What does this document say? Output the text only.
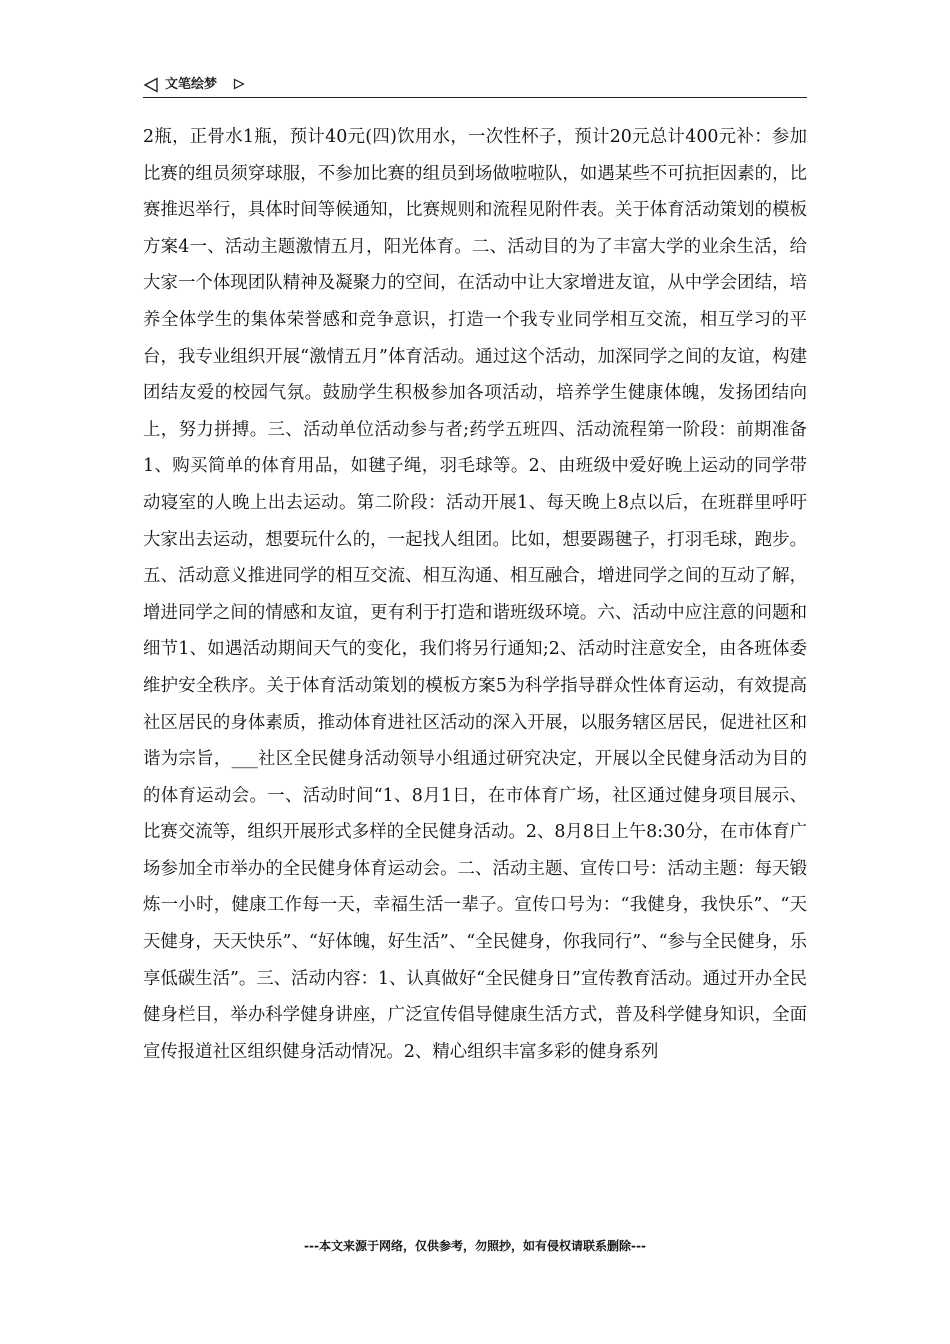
文笔绘梦
2瓶，正骨水1瓶，预计40元(四)饮用水，一次性杯子，预计20元总计400元补：参加比赛的组员须穿球服，不参加比赛的组员到场做啦啦队，如遇某些不可抗拒因素的，比赛推迟举行，具体时间等候通知，比赛规则和流程见附件表。关于体育活动策划的模板方案4一、活动主题激情五月，阳光体育。二、活动目的为了丰富大学的业余生活，给大家一个体现团队精神及凝聚力的空间，在活动中让大家增进友谊，从中学会团结，培养全体学生的集体荣誉感和竞争意识，打造一个我专业同学相互交流，相互学习的平台，我专业组织开展“激情五月”体育活动。通过这个活动，加深同学之间的友谊，构建团结友爱的校园气氛。鼓励学生积极参加各项活动，培养学生健康体魄，发扬团结向上，努力拼搏。三、活动单位活动参与者;药学五班四、活动流程第一阶段：前期准备1、购买简单的体育用品，如毽子绳，羽毛球等。2、由班级中爱好晚上运动的同学带动寝室的人晚上出去运动。第二阶段：活动开展1、每天晚上8点以后，在班群里呼吁大家出去运动，想要玩什么的，一起找人组团。比如，想要踢毽子，打羽毛球，跑步。五、活动意义推进同学的相互交流、相互沟通、相互融合，增进同学之间的互动了解，增进同学之间的情感和友谊，更有利于打造和谐班级环境。六、活动中应注意的问题和细节1、如遇活动期间天气的变化，我们将另行通知;2、活动时注意安全，由各班体委维护安全秩序。关于体育活动策划的模板方案5为科学指导群众性体育运动，有效提高社区居民的身体素质，推动体育进社区活动的深入开展，以服务辖区居民，促进社区和谐为宗旨，___社区全民健身活动领导小组通过研究决定，开展以全民健身活动为目的的体育运动会。一、活动时间“1、8月1日，在市体育广场，社区通过健身项目展示、比赛交流等，组织开展形式多样的全民健身活动。2、8月8日上午8:30分，在市体育广场参加全市举办的全民健身体育运动会。二、活动主题、宣传口号：活动主题：每天锻炼一小时，健康工作每一天，幸福生活一辈子。宣传口号为：“我健身，我快乐”、“天天健身，天天快乐”、“好体魄，好生活”、“全民健身，你我同行”、“参与全民健身，乐享低碳生活”。三、活动内容：1、认真做好“全民健身日”宣传教育活动。通过开办全民健身栏目，举办科学健身讲座，广泛宣传倡导健康生活方式，普及科学健身知识，全面宣传报道社区组织健身活动情况。2、精心组织丰富多彩的健身系列
---本文来源于网络，仅供参考，勿照抄，如有侵权请联系删除---
